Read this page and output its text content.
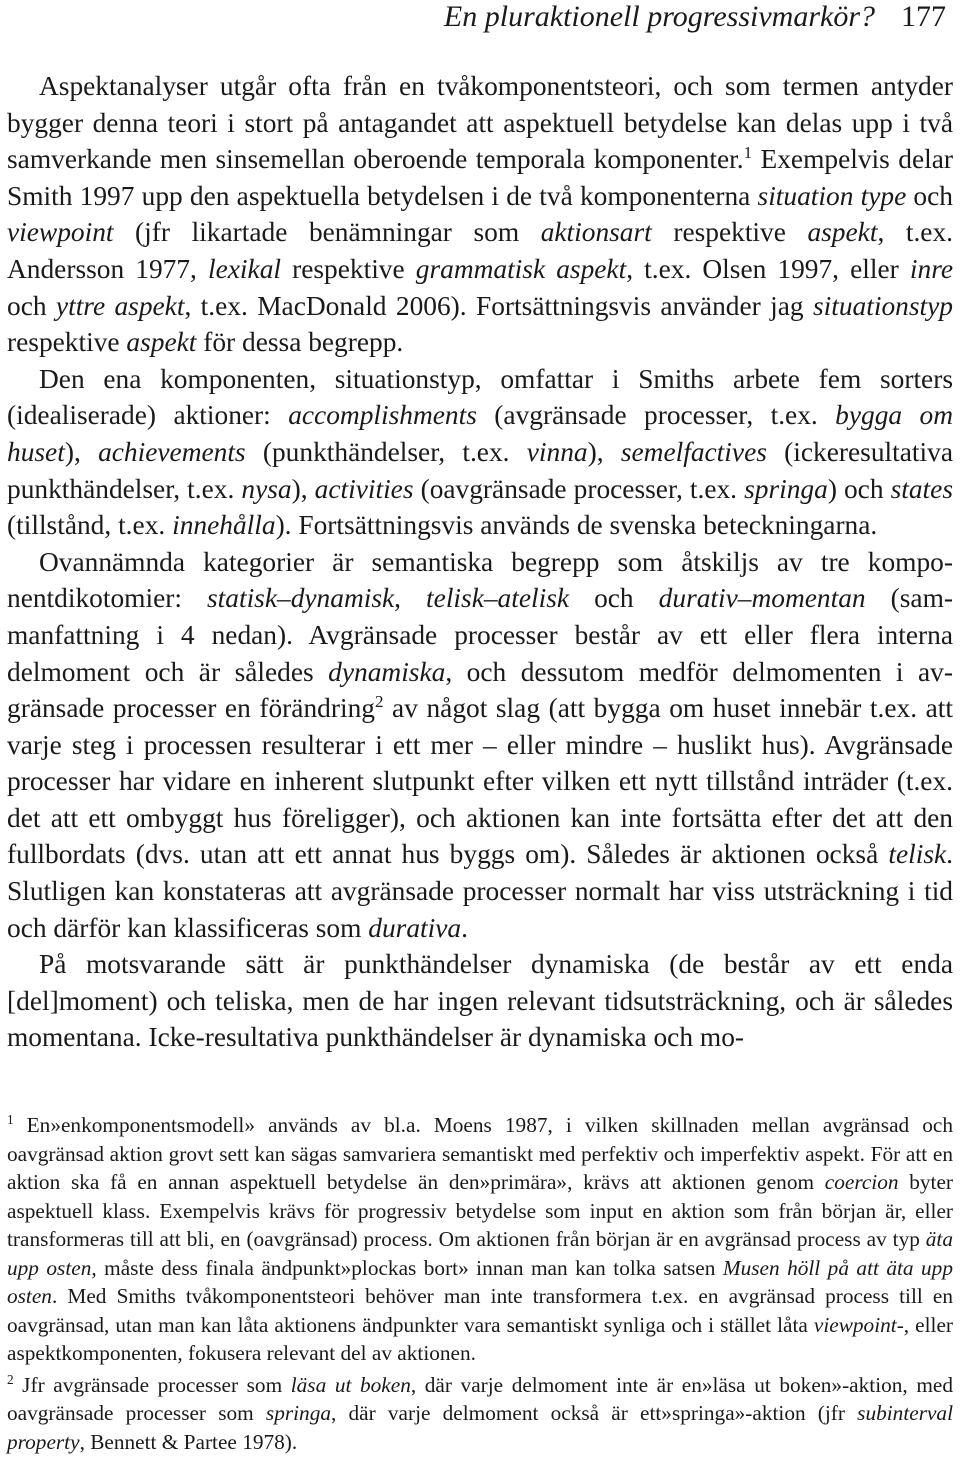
En pluraktionell progressivmarkör? 177

Aspektanalyser utgår ofta från en tvåkomponentsteori, och som termen antyder bygger denna teori i stort på antagandet att aspektuell betydelse kan delas upp i två samverkande men sinsemellan oberoende temporala komponenter.$^1$ Exempelvis delar Smith 1997 upp den aspektuella betydelsen i de två komponenterna situation type och viewpoint (jfr likartade benämningar som aktionsart respektive aspekt, t.ex. Andersson 1977, lexikal respektive grammatisk aspekt, t.ex. Olsen 1997, eller inre och yttre aspekt, t.ex. MacDonald 2006). Fortsättningsvis använder jag situationstyp respektive aspekt för dessa begrepp.

Den ena komponenten, situationstyp, omfattar i Smiths arbete fem sorters (idealiserade) aktioner: accomplishments (avgränsade processer, t.ex. bygga om huset), achievements (punkthändelser, t.ex. vinna), semelfactives (ickeresultativa punkthändelser, t.ex. nysa), activities (oavgränsade processer, t.ex. springa) och states (tillstånd, t.ex. innehålla). Fortsättningsvis används de svenska beteckningarna.

Ovannämnda kategorier är semantiska begrepp som åtskiljs av tre komponentdikotomier: statisk–dynamisk, telisk–atelisk och durativ–momentan (sammanfattning i 4 nedan). Avgränsade processer består av ett eller flera interna delmoment och är således dynamiska, och dessutom medför delmomenten i avgränsade processer en förändring$^2$ av något slag (att bygga om huset innebär t.ex. att varje steg i processen resulterar i ett mer – eller mindre – huslikt hus). Avgränsade processer har vidare en inherent slutpunkt efter vilken ett nytt tillstånd inträder (t.ex. det att ett ombyggt hus föreligger), och aktionen kan inte fortsätta efter det att den fullbordats (dvs. utan att ett annat hus byggs om). Således är aktionen också telisk. Slutligen kan konstateras att avgränsade processer normalt har viss utsträckning i tid och därför kan klassificeras som durativa.

På motsvarande sätt är punkthändelser dynamiska (de består av ett enda [del]moment) och teliska, men de har ingen relevant tidsutsträckning, och är således momentana. Icke-resultativa punkthändelser är dynamiska och mo-

$^1$ En»enkomponentsmodell» används av bl.a. Moens 1987, i vilken skillnaden mellan avgränsad och oavgränsad aktion grovt sett kan sägas samvariera semantiskt med perfektiv och imperfektiv aspekt. För att en aktion ska få en annan aspektuell betydelse än den»primära», krävs att aktionen genom coercion byter aspektuell klass. Exempelvis krävs för progressiv betydelse som input en aktion som från början är, eller transformeras till att bli, en (oavgränsad) process. Om aktionen från början är en avgränsad process av typ äta upp osten, måste dess finala ändpunkt»plockas bort» innan man kan tolka satsen Musen höll på att äta upp osten. Med Smiths tvåkomponentsteori behöver man inte transformera t.ex. en avgränsad process till en oavgränsad, utan man kan låta aktionens ändpunkter vara semantiskt synliga och i stället låta viewpoint-, eller aspektkomponenten, fokusera relevant del av aktionen.

$^2$ Jfr avgränsade processer som läsa ut boken, där varje delmoment inte är en»läsa ut boken»-aktion, med oavgränsade processer som springa, där varje delmoment också är ett»springa»-aktion (jfr subinterval property, Bennett & Partee 1978).
